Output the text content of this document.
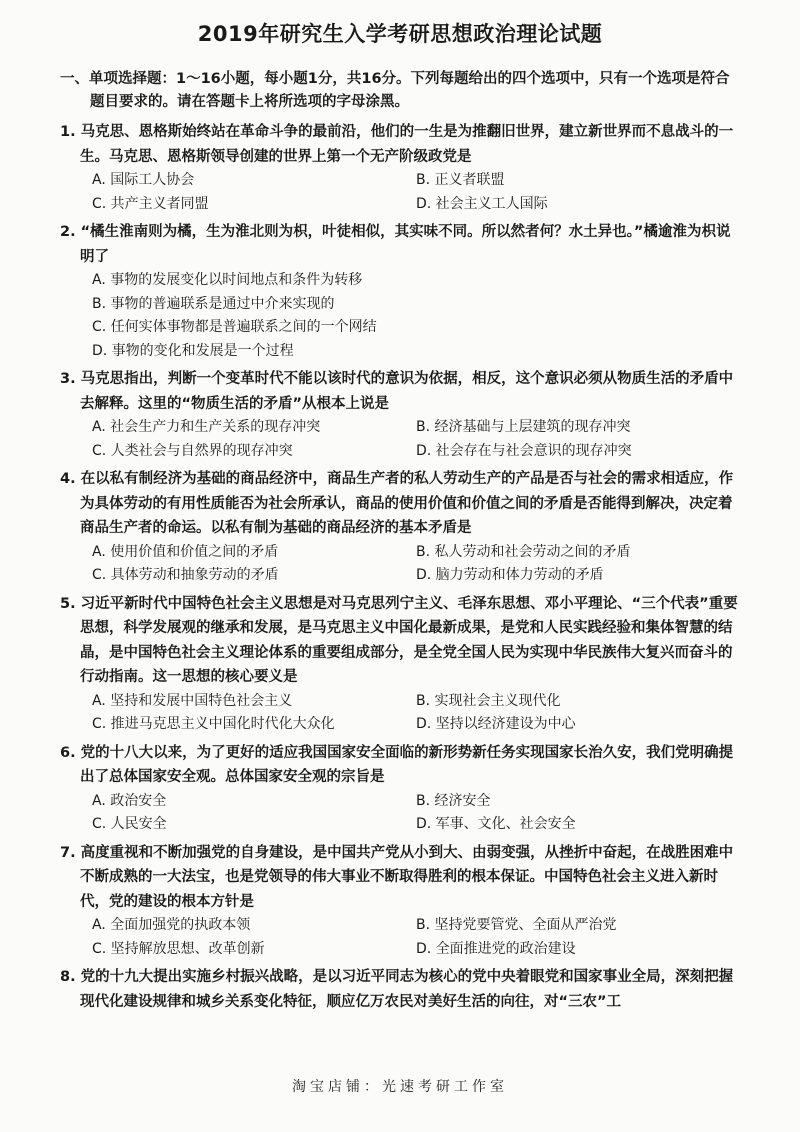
2019年研究生入学考研思想政治理论试题
一、单项选择题：1～16小题，每小题1分，共16分。下列每题给出的四个选项中，只有一个选项是符合题目要求的。请在答题卡上将所选项的字母涂黑。
1. 马克思、恩格斯始终站在革命斗争的最前沿，他们的一生是为推翻旧世界，建立新世界而不息战斗的一生。马克思、恩格斯领导创建的世界上第一个无产阶级政党是
A. 国际工人协会	B. 正义者联盟
C. 共产主义者同盟	D. 社会主义工人国际
2. “橘生淮南则为橘，生为淮北则为枳，叶徒相似，其实味不同。所以然者何？水土异也。”橘逾淮为枳说明了
A. 事物的发展变化以时间地点和条件为转移
B. 事物的普遍联系是通过中介来实现的
C. 任何实体事物都是普遍联系之间的一个网结
D. 事物的变化和发展是一个过程
3. 马克思指出，判断一个变革时代不能以该时代的意识为依据，相反，这个意识必须从物质生活的矛盾中去解释。这里的“物质生活的矛盾”从根本上说是
A. 社会生产力和生产关系的现存冲突	B. 经济基础与上层建筑的现存冲突
C. 人类社会与自然界的现存冲突	D. 社会存在与社会意识的现存冲突
4. 在以私有制经济为基础的商品经济中，商品生产者的私人劳动生产的产品是否与社会的需求相适应，作为具体劳动的有用性质能否为社会所承认，商品的使用价值和价值之间的矛盾是否能得到解决，决定着商品生产者的命运。以私有制为基础的商品经济的基本矛盾是
A. 使用价值和价值之间的矛盾	B. 私人劳动和社会劳动之间的矛盾
C. 具体劳动和抽象劳动的矛盾	D. 脑力劳动和体力劳动的矛盾
5. 习近平新时代中国特色社会主义思想是对马克思列宁主义、毛泽东思想、邓小平理论、“三个代表”重要思想，科学发展观的继承和发展，是马克思主义中国化最新成果，是党和人民实践经验和集体智慧的结晶，是中国特色社会主义理论体系的重要组成部分，是全党全国人民为实现中华民族伟大复兴而奋斗的行动指南。这一思想的核心要义是
A. 坚持和发展中国特色社会主义	B. 实现社会主义现代化
C. 推进马克思主义中国化时代化大众化	D. 坚持以经济建设为中心
6. 党的十八大以来，为了更好的适应我国国家安全面临的新形势新任务实现国家长治久安，我们党明确提出了总体国家安全观。总体国家安全观的宗旨是
A. 政治安全	B. 经济安全
C. 人民安全	D. 军事、文化、社会安全
7. 高度重视和不断加强党的自身建设，是中国共产党从小到大、由弱变强，从挫折中奋起，在战胜困难中不断成熟的一大法宝，也是党领导的伟大事业不断取得胜利的根本保证。中国特色社会主义进入新时代，党的建设的根本方针是
A. 全面加强党的执政本领	B. 坚持党要管党、全面从严治党
C. 坚持解放思想、改革创新	D. 全面推进党的政治建设
8. 党的十九大提出实施乡村振兴战略，是以习近平同志为核心的党中央着眼党和国家事业全局，深刻把握现代化建设规律和城乡关系变化特征，顺应亿万农民对美好生活的向往，对“三农”工
淘宝店铺：光速考研工作室
